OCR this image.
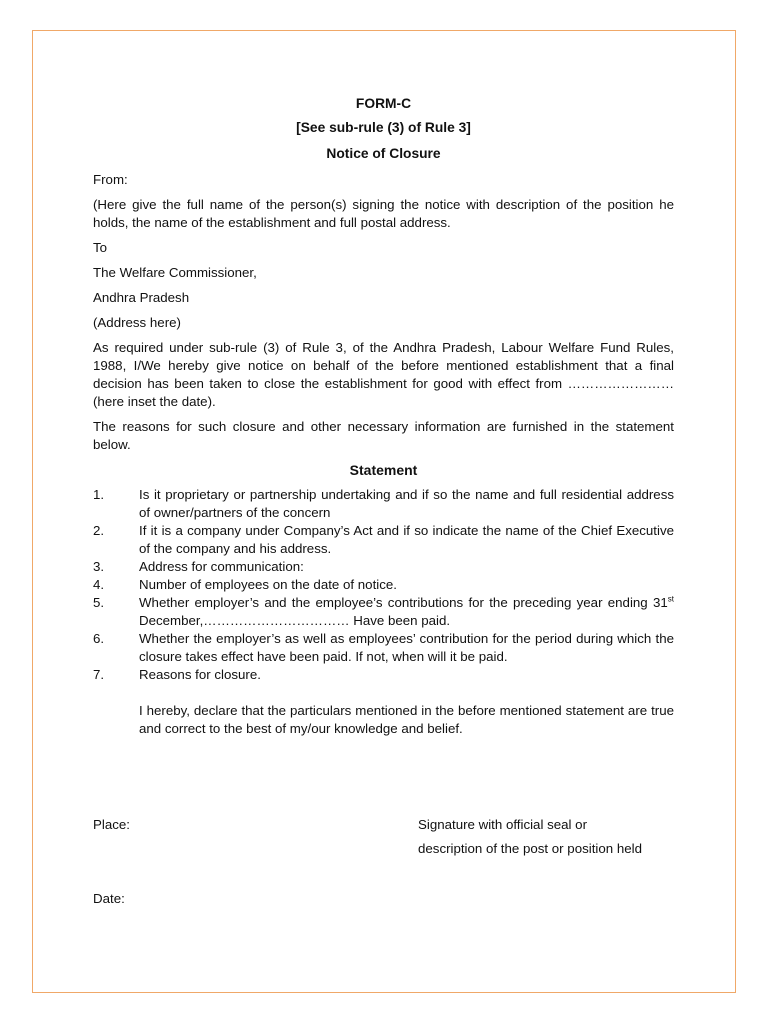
FORM-C
[See sub-rule (3) of Rule 3]
Notice of Closure

From:

(Here give the full name of the person(s) signing the notice with description of the position he holds, the name of the establishment and full postal address.

To

The Welfare Commissioner,

Andhra Pradesh

(Address here)

As required under sub-rule (3) of Rule 3, of the Andhra Pradesh, Labour Welfare Fund Rules, 1988, I/We hereby give notice on behalf of the before mentioned establishment that a final decision has been taken to close the establishment for good with effect from …………………… (here inset the date).

The reasons for such closure and other necessary information are furnished in the statement below.

Statement
1.	Is it proprietary or partnership undertaking and if so the name and full residential address of owner/partners of the concern
2.	If it is a company under Company’s Act and if so indicate the name of the Chief Executive of the company and his address.
3.	Address for communication:
4.	Number of employees on the date of notice.
5.	Whether employer’s and the employee’s contributions for the preceding year ending 31st December,…………………………… Have been paid.
6.	Whether the employer’s as well as employees’ contribution for the period during which the closure takes effect have been paid. If not, when will it be paid.
7.	Reasons for closure.

I hereby, declare that the particulars mentioned in the before mentioned statement are true and correct to the best of my/our knowledge and belief.

Place:	Signature with official seal or
description of the post or position held
Date:
